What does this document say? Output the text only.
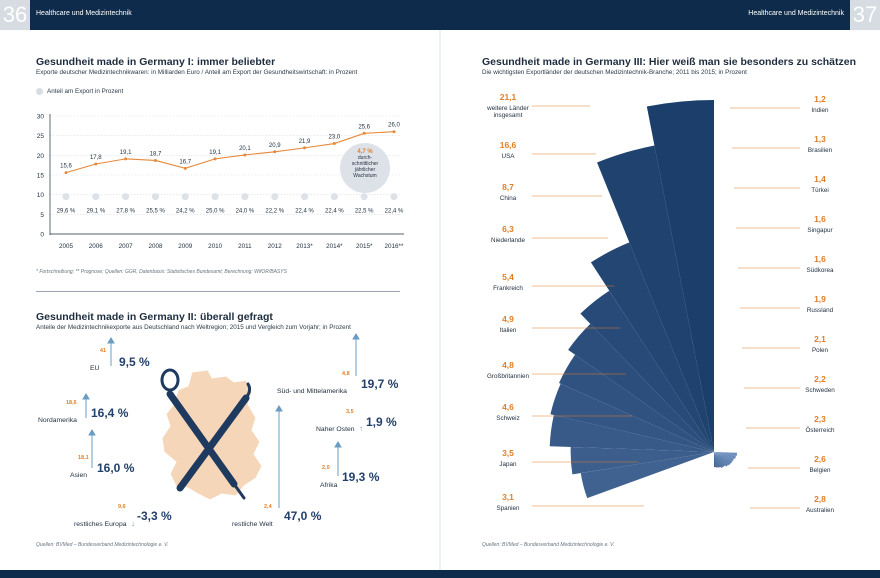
36	Healthcare und Medizintechnik	Healthcare und Medizintechnik 37
Gesundheit made in Germany I: immer beliebter
Exporte deutscher Medizintechnikwaren: in Milliarden Euro / Anteil am Export der Gesundheitswirtschaft: in Prozent
Anteil am Export in Prozent
0
5
10
15
20
25
30
15,6
29,6 %
2005
17,8
29,1 %
2006
19,1
27,8 %
2007
18,7
25,5 %
2008
16,7
24,2 %
2009
19,1
25,0 %
2010
20,1
24,0 %
2011
20,9
22,2 %
2012
21,9
22,4 %
2013*
23,0
22,4 %
2014*
25,6
22,5 %
2015*
26,0
22,4 %
2016**
4,7 %
durch-
schnittlicher
jährlicher
Wachstum
* Fortschreibung; ** Prognose; Quellen: GGR, Datenbasis: Statistisches Bundesamt; Berechnung: WifOR/BASYS
Gesundheit made in Germany II: überall gefragt
Anteile der Medizintechnikexporte aus Deutschland nach Weltregion; 2015 und Vergleich zum Vorjahr; in Prozent
41
EU 9,5 %
18,6
Nordamerika
16,4 %
18,1
Asien
16,0 %
9,6
restliches Europa ↓
-3,3 %
4,8
Süd- und Mittelamerika
19,7 %
3,5
Naher Osten ↑ 1,9 %
2,0
Afrika
19,3 %
2,4
restliche Welt
47,0 %
Quellen: BVMed – Bundesverband Medizintechnologie e. V.
Gesundheit made in Germany III: Hier weiß man sie besonders zu schätzen
Die wichtigsten Exportländer der deutschen Medizintechnik-Branche; 2011 bis 2015; in Prozent
21,1
weitere Länder
insgesamt
16,6
USA
8,7
China
6,3
Niederlande
5,4
Frankreich
4,9
Italien
4,8
Großbritannien
4,6
Schweiz
3,5
Japan
3,1
Spanien
1,2
Indien
1,3
Brasilien
1,4
Türkei
1,6
Singapur
1,6
Südkorea
1,9
Russland
2,1
Polen
2,2
Schweden
2,3
Österreich
2,6
Belgien
2,8
Australien
Quellen: BVMed – Bundesverband Medizintechnologie e. V.
